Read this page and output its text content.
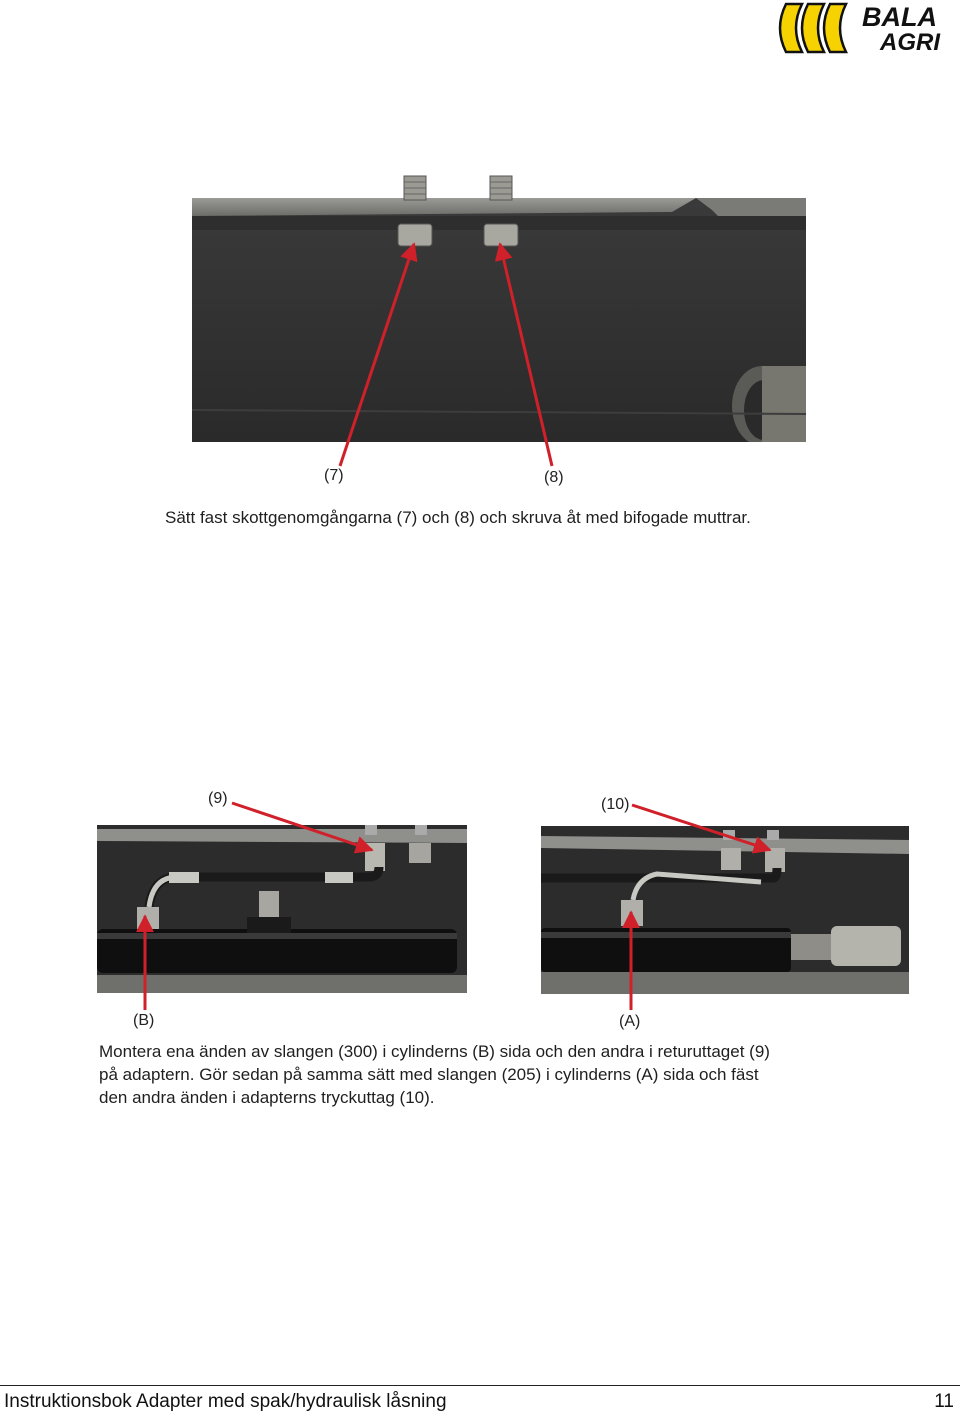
BALA
AGRI
(7)	(8)
(9)	(10)
(B)	(A)
Sätt fast skottgenomgångarna (7) och (8) och skruva åt med bifogade muttrar.
Montera ena änden av slangen (300) i cylinderns (B) sida och den andra i returuttaget (9)
på adaptern. Gör sedan på samma sätt med slangen (205) i cylinderns (A) sida och fäst
den andra änden i adapterns tryckuttag (10).
Instruktionsbok Adapter med spak/hydraulisk låsning	11
